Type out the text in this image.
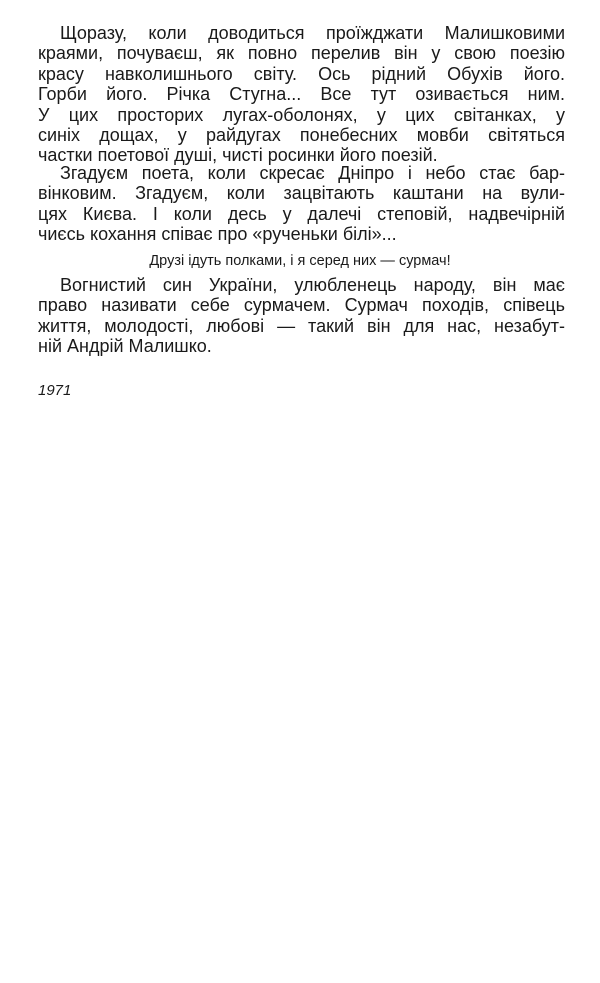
Щоразу, коли доводиться проїжджати Малишковими
краями, почуваєш, як повно перелив він у свою поезію
красу навколишнього світу. Ось рідний Обухів його.
Горби його. Річка Стугна... Все тут озивається ним.
У цих просторих лугах-оболонях, у цих світанках, у
синіх дощах, у райдугах понебесних мовби світяться
частки поетової душі, чисті росинки його поезій.
Згадуєм поета, коли скресає Дніпро і небо стає бар-
вінковим. Згадуєм, коли зацвітають каштани на вули-
цях Києва. І коли десь у далечі степовій, надвечірній
чиєсь кохання співає про «рученьки білі»...
Друзі ідуть полками, і я серед них — сурмач!
Вогнистий син України, улюбленець народу, він має
право називати себе сурмачем. Сурмач походів, співець
життя, молодості, любові — такий він для нас, незабут-
ній Андрій Малишко.
1971
